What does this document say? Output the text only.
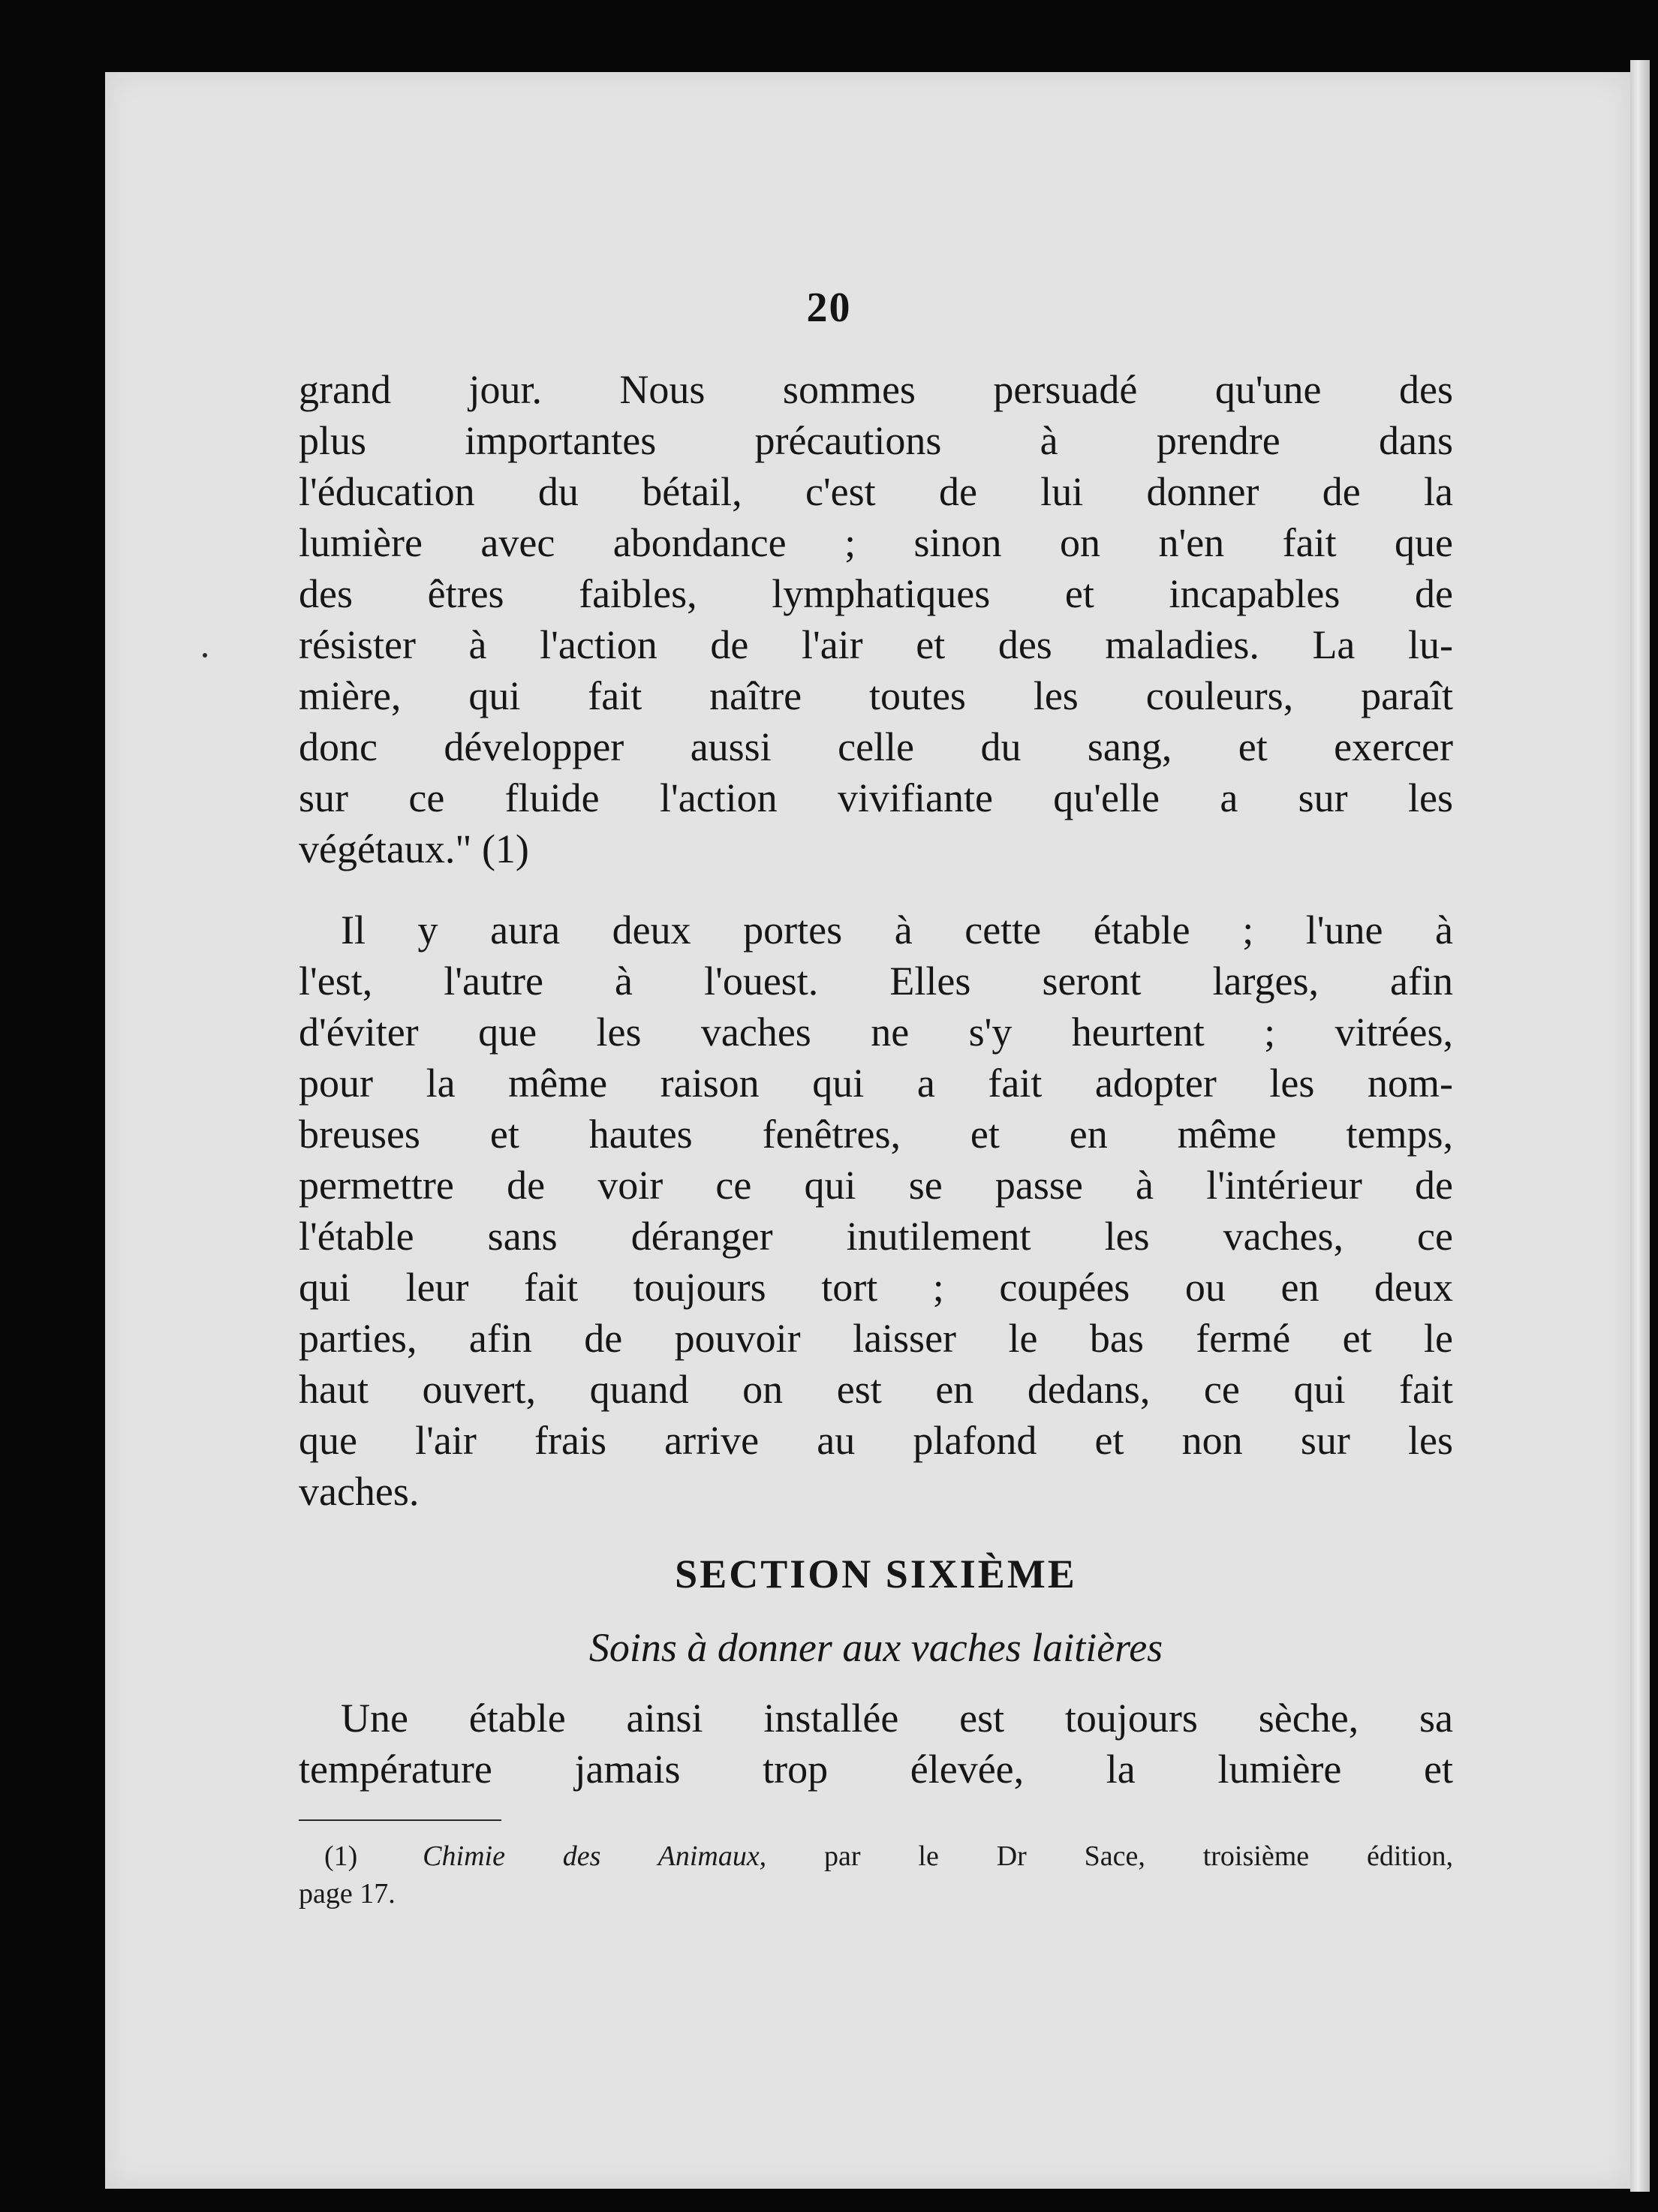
20
grand jour. Nous sommes persuadé qu'une des
plus importantes précautions à prendre dans
l'éducation du bétail, c'est de lui donner de la
lumière avec abondance ; sinon on n'en fait que
des êtres faibles, lymphatiques et incapables de
résister à l'action de l'air et des maladies. La lu-
mière, qui fait naître toutes les couleurs, paraît
donc développer aussi celle du sang, et exercer
sur ce fluide l'action vivifiante qu'elle a sur les
végétaux." (1)
Il y aura deux portes à cette étable ; l'une à
l'est, l'autre à l'ouest. Elles seront larges, afin
d'éviter que les vaches ne s'y heurtent ; vitrées,
pour la même raison qui a fait adopter les nom-
breuses et hautes fenêtres, et en même temps,
permettre de voir ce qui se passe à l'intérieur de
l'étable sans déranger inutilement les vaches, ce
qui leur fait toujours tort ; coupées ou en deux
parties, afin de pouvoir laisser le bas fermé et le
haut ouvert, quand on est en dedans, ce qui fait
que l'air frais arrive au plafond et non sur les
vaches.
SECTION SIXIÈME
Soins à donner aux vaches laitières
Une étable ainsi installée est toujours sèche, sa
température jamais trop élevée, la lumière et
(1) Chimie des Animaux, par le Dr Sace, troisième édition,
page 17.
